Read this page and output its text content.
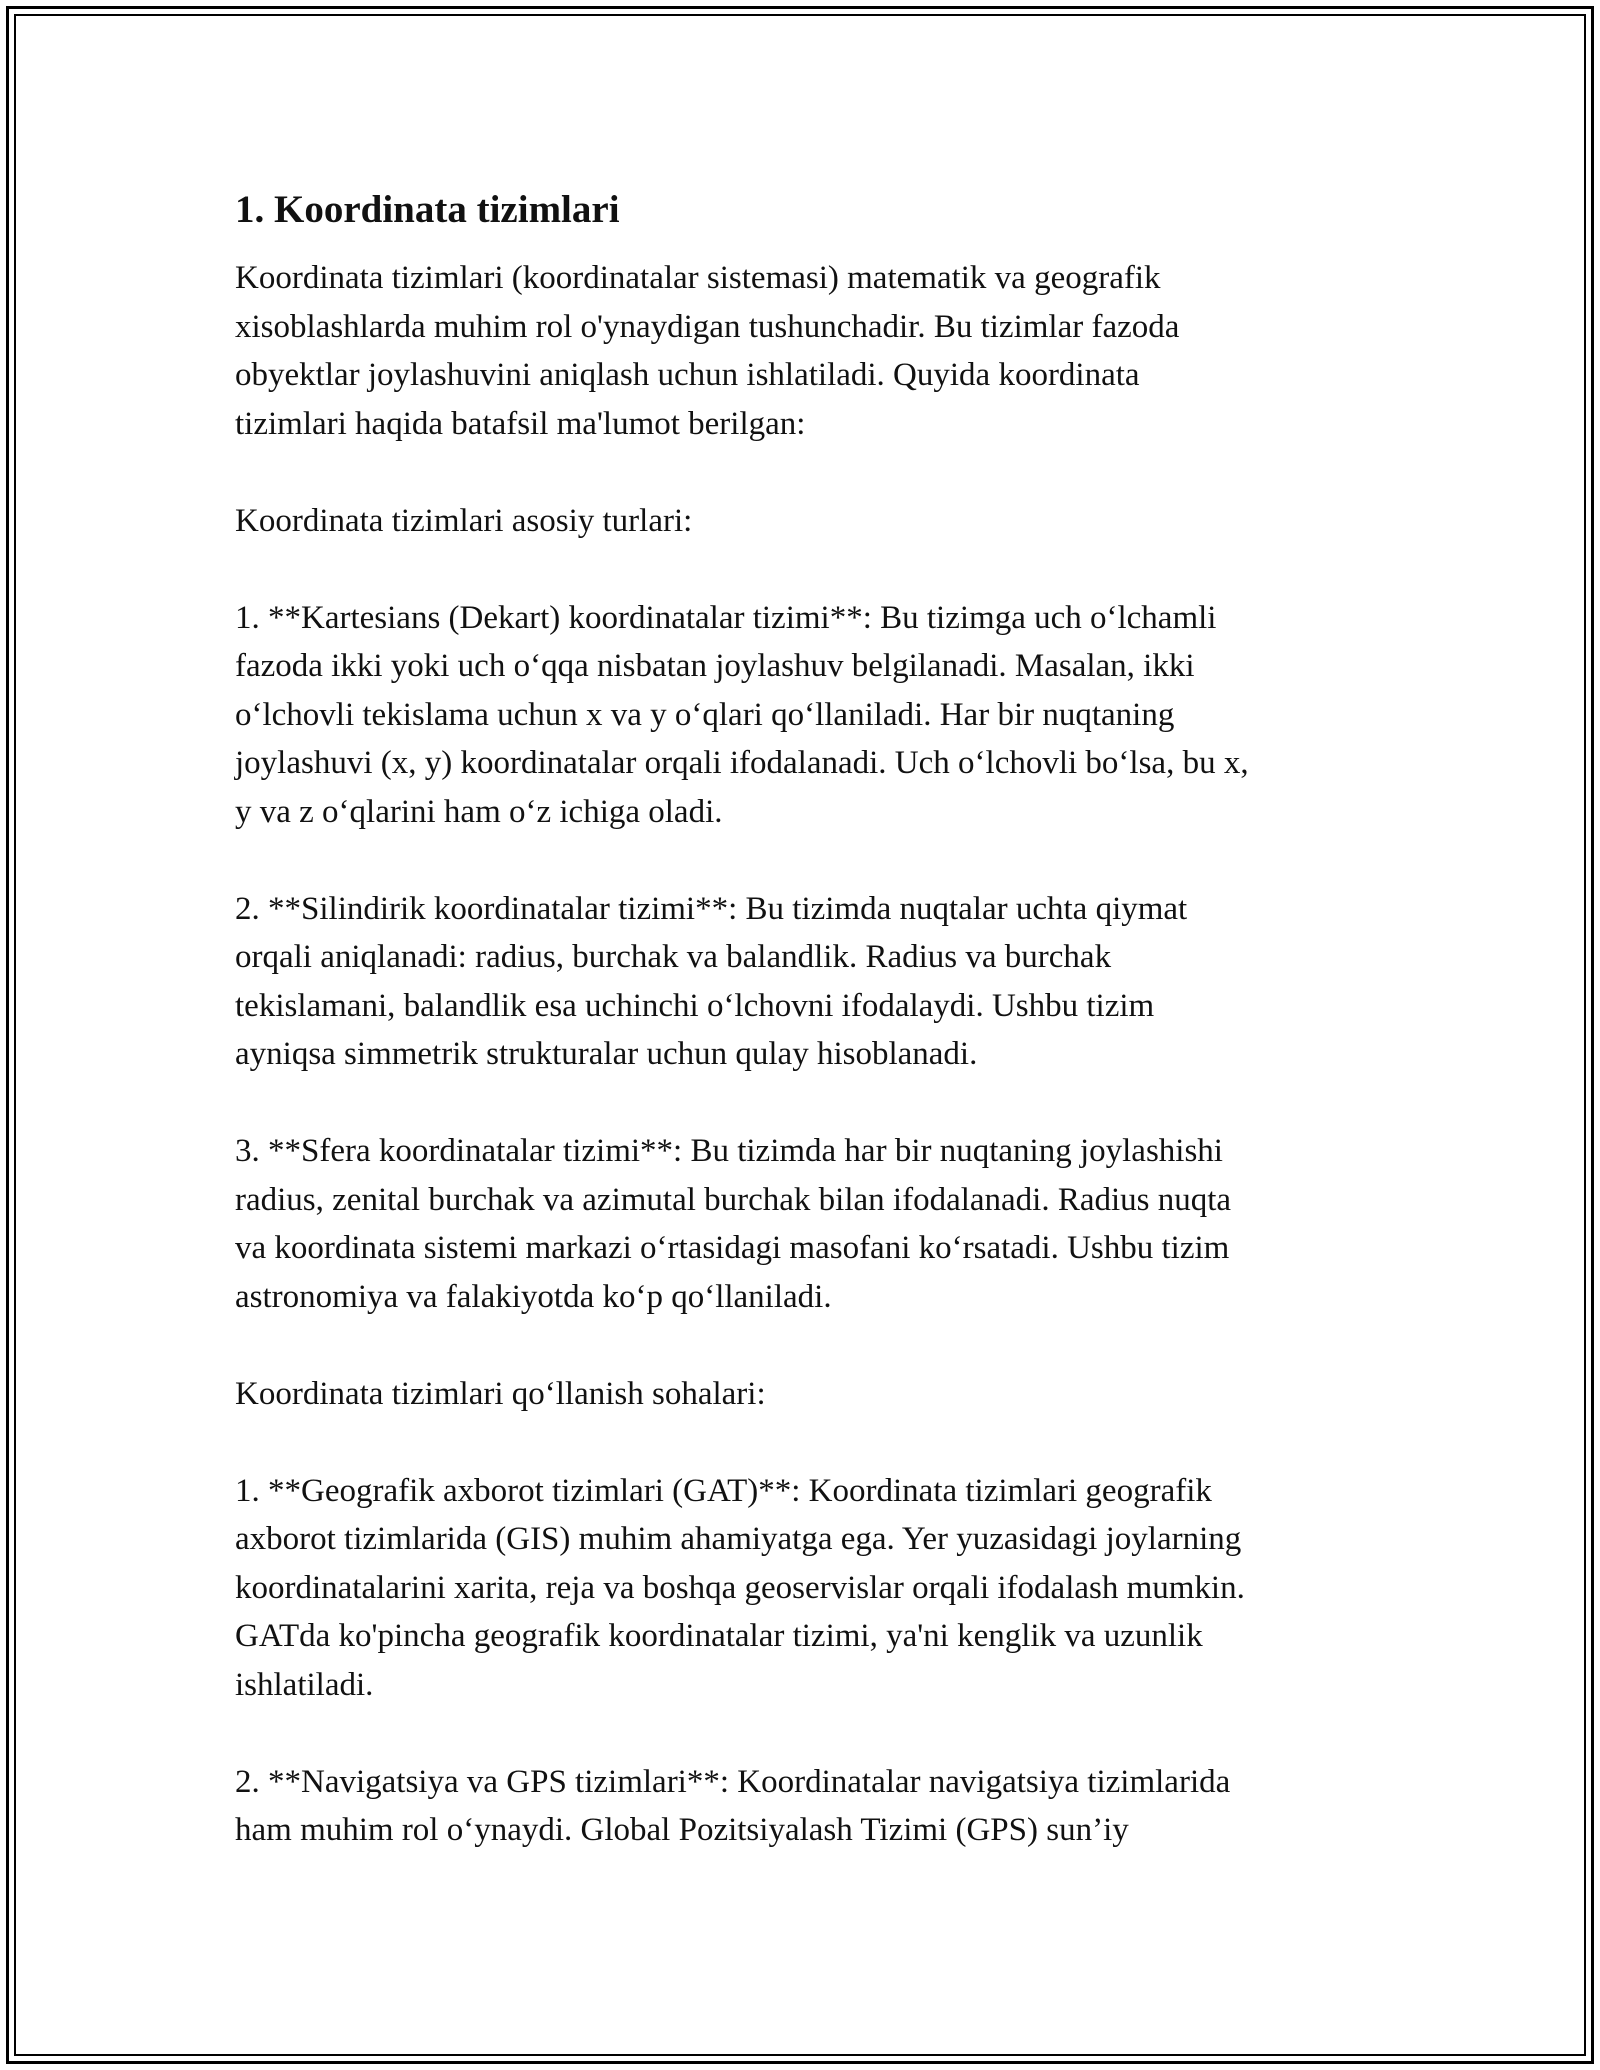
1. Koordinata tizimlari

Koordinata tizimlari (koordinatalar sistemasi) matematik va geografik
xisoblashlarda muhim rol o'ynaydigan tushunchadir. Bu tizimlar fazoda
obyektlar joylashuvini aniqlash uchun ishlatiladi. Quyida koordinata
tizimlari haqida batafsil ma'lumot berilgan:

Koordinata tizimlari asosiy turlari:

1. **Kartesians (Dekart) koordinatalar tizimi**: Bu tizimga uch o‘lchamli
fazoda ikki yoki uch o‘qqa nisbatan joylashuv belgilanadi. Masalan, ikki
o‘lchovli tekislama uchun x va y o‘qlari qo‘llaniladi. Har bir nuqtaning
joylashuvi (x, y) koordinatalar orqali ifodalanadi. Uch o‘lchovli bo‘lsa, bu x,
y va z o‘qlarini ham o‘z ichiga oladi.

2. **Silindirik koordinatalar tizimi**: Bu tizimda nuqtalar uchta qiymat
orqali aniqlanadi: radius, burchak va balandlik. Radius va burchak
tekislamani, balandlik esa uchinchi o‘lchovni ifodalaydi. Ushbu tizim
ayniqsa simmetrik strukturalar uchun qulay hisoblanadi.

3. **Sfera koordinatalar tizimi**: Bu tizimda har bir nuqtaning joylashishi
radius, zenital burchak va azimutal burchak bilan ifodalanadi. Radius nuqta
va koordinata sistemi markazi o‘rtasidagi masofani ko‘rsatadi. Ushbu tizim
astronomiya va falakiyotda ko‘p qo‘llaniladi.

Koordinata tizimlari qo‘llanish sohalari:

1. **Geografik axborot tizimlari (GAT)**: Koordinata tizimlari geografik
axborot tizimlarida (GIS) muhim ahamiyatga ega. Yer yuzasidagi joylarning
koordinatalarini xarita, reja va boshqa geoservislar orqali ifodalash mumkin.
GATda ko'pincha geografik koordinatalar tizimi, ya'ni kenglik va uzunlik
ishlatiladi.

2. **Navigatsiya va GPS tizimlari**: Koordinatalar navigatsiya tizimlarida
ham muhim rol o‘ynaydi. Global Pozitsiyalash Tizimi (GPS) sun’iy
